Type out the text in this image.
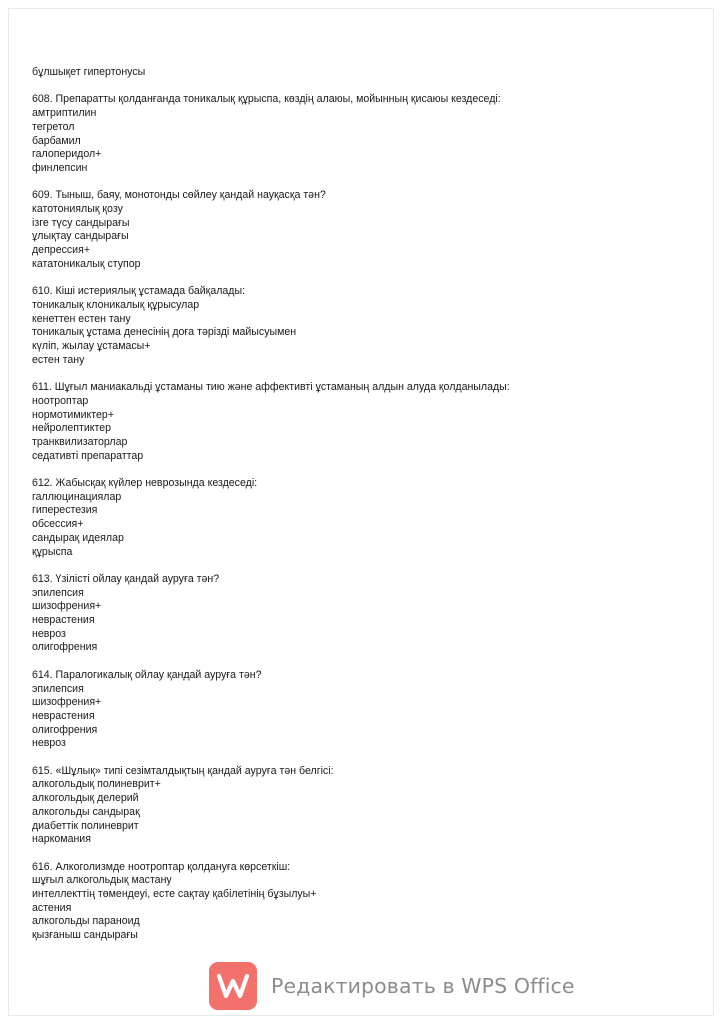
бұлшықет гипертонусы
608. Препаратты қолданғанда тоникалық құрыспа, көздің алаюы, мойынның қисаюы кездеседі:
амтриптилин
тегретол
барбамил
галоперидол+
финлепсин
609. Тыныш, баяу, монотонды сөйлеу қандай науқасқа тән?
катотониялық қозу
ізге түсу сандырағы
ұлықтау сандырағы
депрессия+
кататоникалық ступор
610. Кіші истериялық ұстамада байқалады:
тоникалық клоникалық құрысулар
кенеттен естен тану
тоникалық ұстама денесінің доға тәрізді майысуымен
күліп, жылау ұстамасы+
естен тану
611. Шұғыл маниакальді ұстаманы тию және аффективті ұстаманың алдын алуда қолданылады:
ноотроптар
нормотимиктер+
нейролептиктер
транквилизаторлар
седативті препараттар
612. Жабысқақ күйлер неврозында кездеседі:
галлюцинациялар
гиперестезия
обсессия+
сандырақ идеялар
құрыспа
613. Үзілісті ойлау қандай ауруға тән?
эпилепсия
шизофрения+
неврастения
невроз
олигофрения
614. Паралогикалық ойлау қандай ауруға тән?
эпилепсия
шизофрения+
неврастения
олигофрения
невроз
615. «Шұлық» типі сезімталдықтың қандай ауруға тән белгісі:
алкогольдық полиневрит+
алкогольдық делерий
алкогольды сандырақ
диабеттік полиневрит
наркомания
616. Алкоголизмде ноотроптар қолдануға көрсеткіш:
шұғыл алкогольдық мастану
интеллекттің төмендеуі, есте сақтау қабілетінің бұзылуы+
астения
алкогольды параноид
қызғаныш сандырағы
Редактировать в WPS Office
